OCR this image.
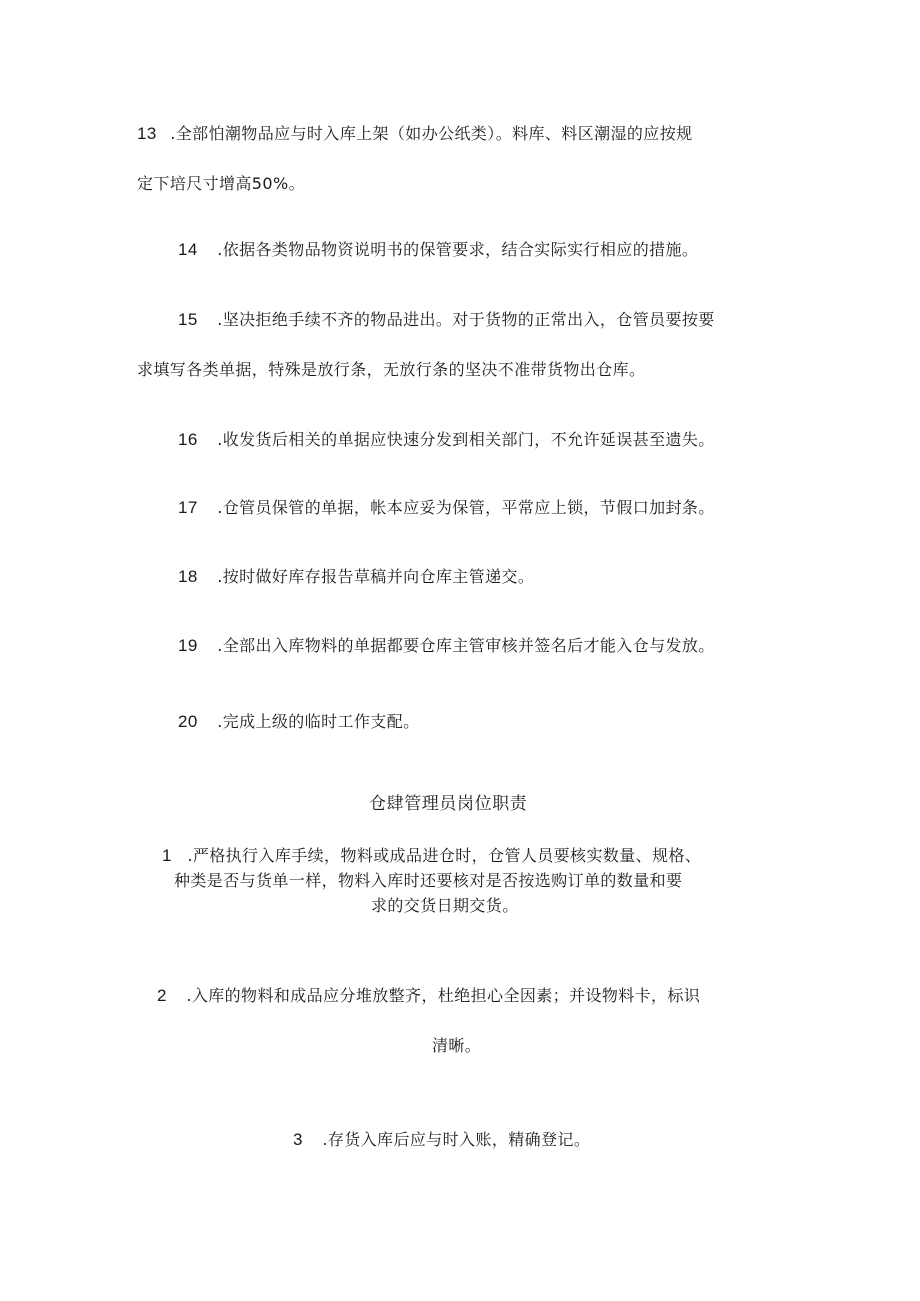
13 .全部怕潮物品应与时入库上架（如办公纸类）。料库、料区潮湿的应按规
定下培尺寸增高50%。
14 .依据各类物品物资说明书的保管要求，结合实际实行相应的措施。
15 .坚决拒绝手续不齐的物品进出。对于货物的正常出入，仓管员要按要
求填写各类单据，特殊是放行条，无放行条的坚决不准带货物出仓库。
16 .收发货后相关的单据应快速分发到相关部门，不允许延误甚至遗失。
17 .仓管员保管的单据，帐本应妥为保管，平常应上锁，节假口加封条。
18 .按时做好库存报告草稿并向仓库主管递交。
19 .全部出入库物料的单据都要仓库主管审核并签名后才能入仓与发放。
20 .完成上级的临时工作支配。
仓肆管理员岗位职责
1 .严格执行入库手续，物料或成品进仓时，仓管人员要核实数量、规格、
种类是否与货单一样，物料入库时还要核对是否按选购订单的数量和要
求的交货日期交货。
2 .入库的物料和成品应分堆放整齐，杜绝担心全因素；并设物料卡，标识
清晰。
3 .存货入库后应与时入账，精确登记。
